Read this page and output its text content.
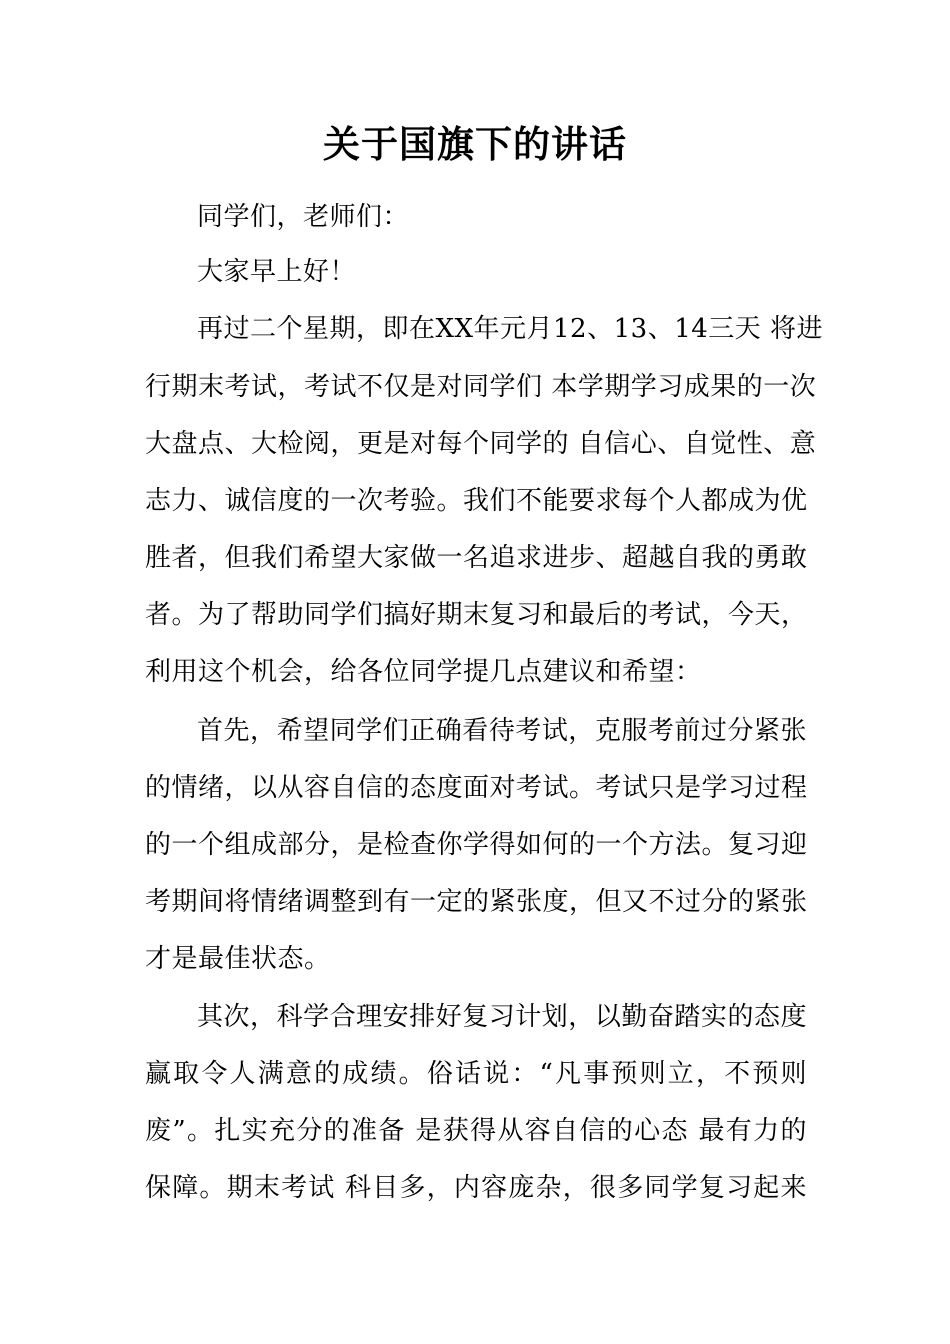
关于国旗下的讲话
同学们，老师们：
大家早上好！
再过二个星期，即在XX年元月12、13、14三天 将进
行期末考试，考试不仅是对同学们 本学期学习成果的一次
大盘点、大检阅，更是对每个同学的 自信心、自觉性、意
志力、诚信度的一次考验。我们不能要求每个人都成为优
胜者，但我们希望大家做一名追求进步、超越自我的勇敢
者。为了帮助同学们搞好期末复习和最后的考试，今天，
利用这个机会，给各位同学提几点建议和希望：
首先，希望同学们正确看待考试，克服考前过分紧张
的情绪，以从容自信的态度面对考试。考试只是学习过程
的一个组成部分，是检查你学得如何的一个方法。复习迎
考期间将情绪调整到有一定的紧张度，但又不过分的紧张
才是最佳状态。
其次，科学合理安排好复习计划，以勤奋踏实的态度
赢取令人满意的成绩。俗话说：“凡事预则立，不预则
废”。扎实充分的准备 是获得从容自信的心态 最有力的
保障。期末考试 科目多，内容庞杂，很多同学复习起来
